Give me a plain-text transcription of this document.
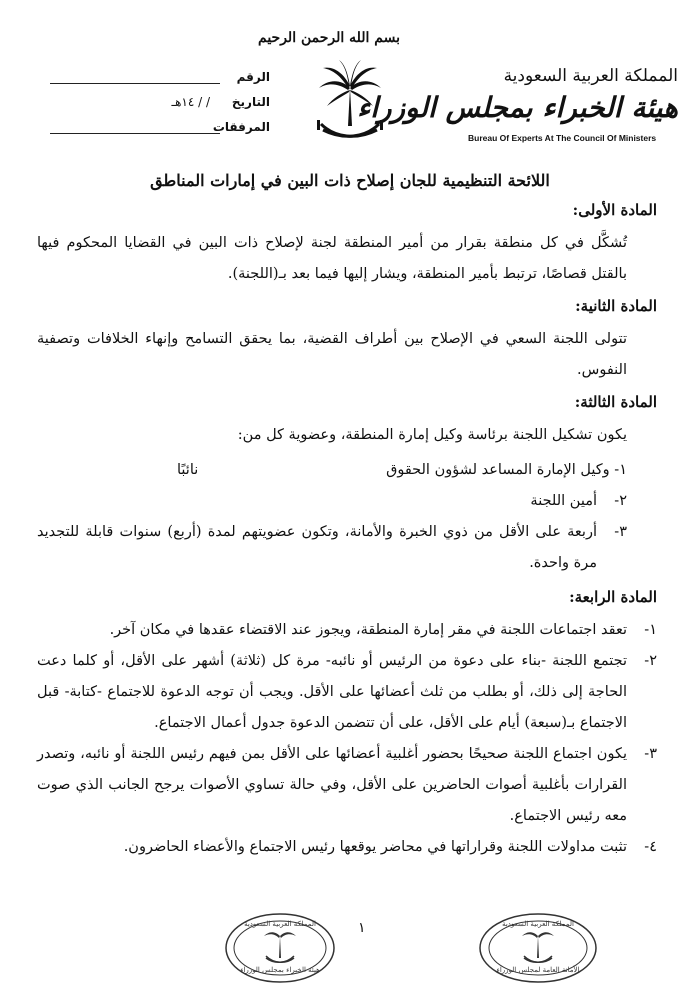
بسم الله الرحمن الرحيم
المملكة العربية السعودية
هيئة الخبراء بمجلس الوزراء
Bureau Of Experts At The Council Of Ministers
الرقم
التاريخ
١٤هـ / /
المرفقات
اللائحة التنظيمية للجان إصلاح ذات البين في إمارات المناطق
المادة الأولى:

تُشكَّل في كل منطقة بقرار من أمير المنطقة لجنة لإصلاح ذات البين في القضايا المحكوم فيها بالقتل قصاصًا، ترتبط بأمير المنطقة، ويشار إليها فيما بعد بـ(اللجنة).

المادة الثانية:

تتولى اللجنة السعي في الإصلاح بين أطراف القضية، بما يحقق التسامح وإنهاء الخلافات وتصفية النفوس.

المادة الثالثة:
يكون تشكيل اللجنة برئاسة وكيل إمارة المنطقة، وعضوية كل من:
١- وكيل الإمارة المساعد لشؤون الحقوق
نائبًا
٢-
أمين اللجنة
٣-
أربعة على الأقل من ذوي الخبرة والأمانة، وتكون عضويتهم لمدة (أربع) سنوات قابلة للتجديد مرة واحدة.
المادة الرابعة:
١-
تعقد اجتماعات اللجنة في مقر إمارة المنطقة، ويجوز عند الاقتضاء عقدها في مكان آخر.
٢-
تجتمع اللجنة -بناء على دعوة من الرئيس أو نائبه- مرة كل (ثلاثة) أشهر على الأقل، أو كلما دعت الحاجة إلى ذلك، أو بطلب من ثلث أعضائها على الأقل. ويجب أن توجه الدعوة للاجتماع -كتابة- قبل الاجتماع بـ(سبعة) أيام على الأقل، على أن تتضمن الدعوة جدول أعمال الاجتماع.
٣-
يكون اجتماع اللجنة صحيحًا بحضور أغلبية أعضائها على الأقل بمن فيهم رئيس اللجنة أو نائبه، وتصدر القرارات بأغلبية أصوات الحاضرين على الأقل، وفي حالة تساوي الأصوات يرجح الجانب الذي صوت معه رئيس الاجتماع.
٤-
تثبت مداولات اللجنة وقراراتها في محاضر يوقعها رئيس الاجتماع والأعضاء الحاضرون.
١
المملكة العربية السعودية
هيئة الخبراء بمجلس الوزراء
المملكة العربية السعودية
الأمانة العامة لمجلس الوزراء
